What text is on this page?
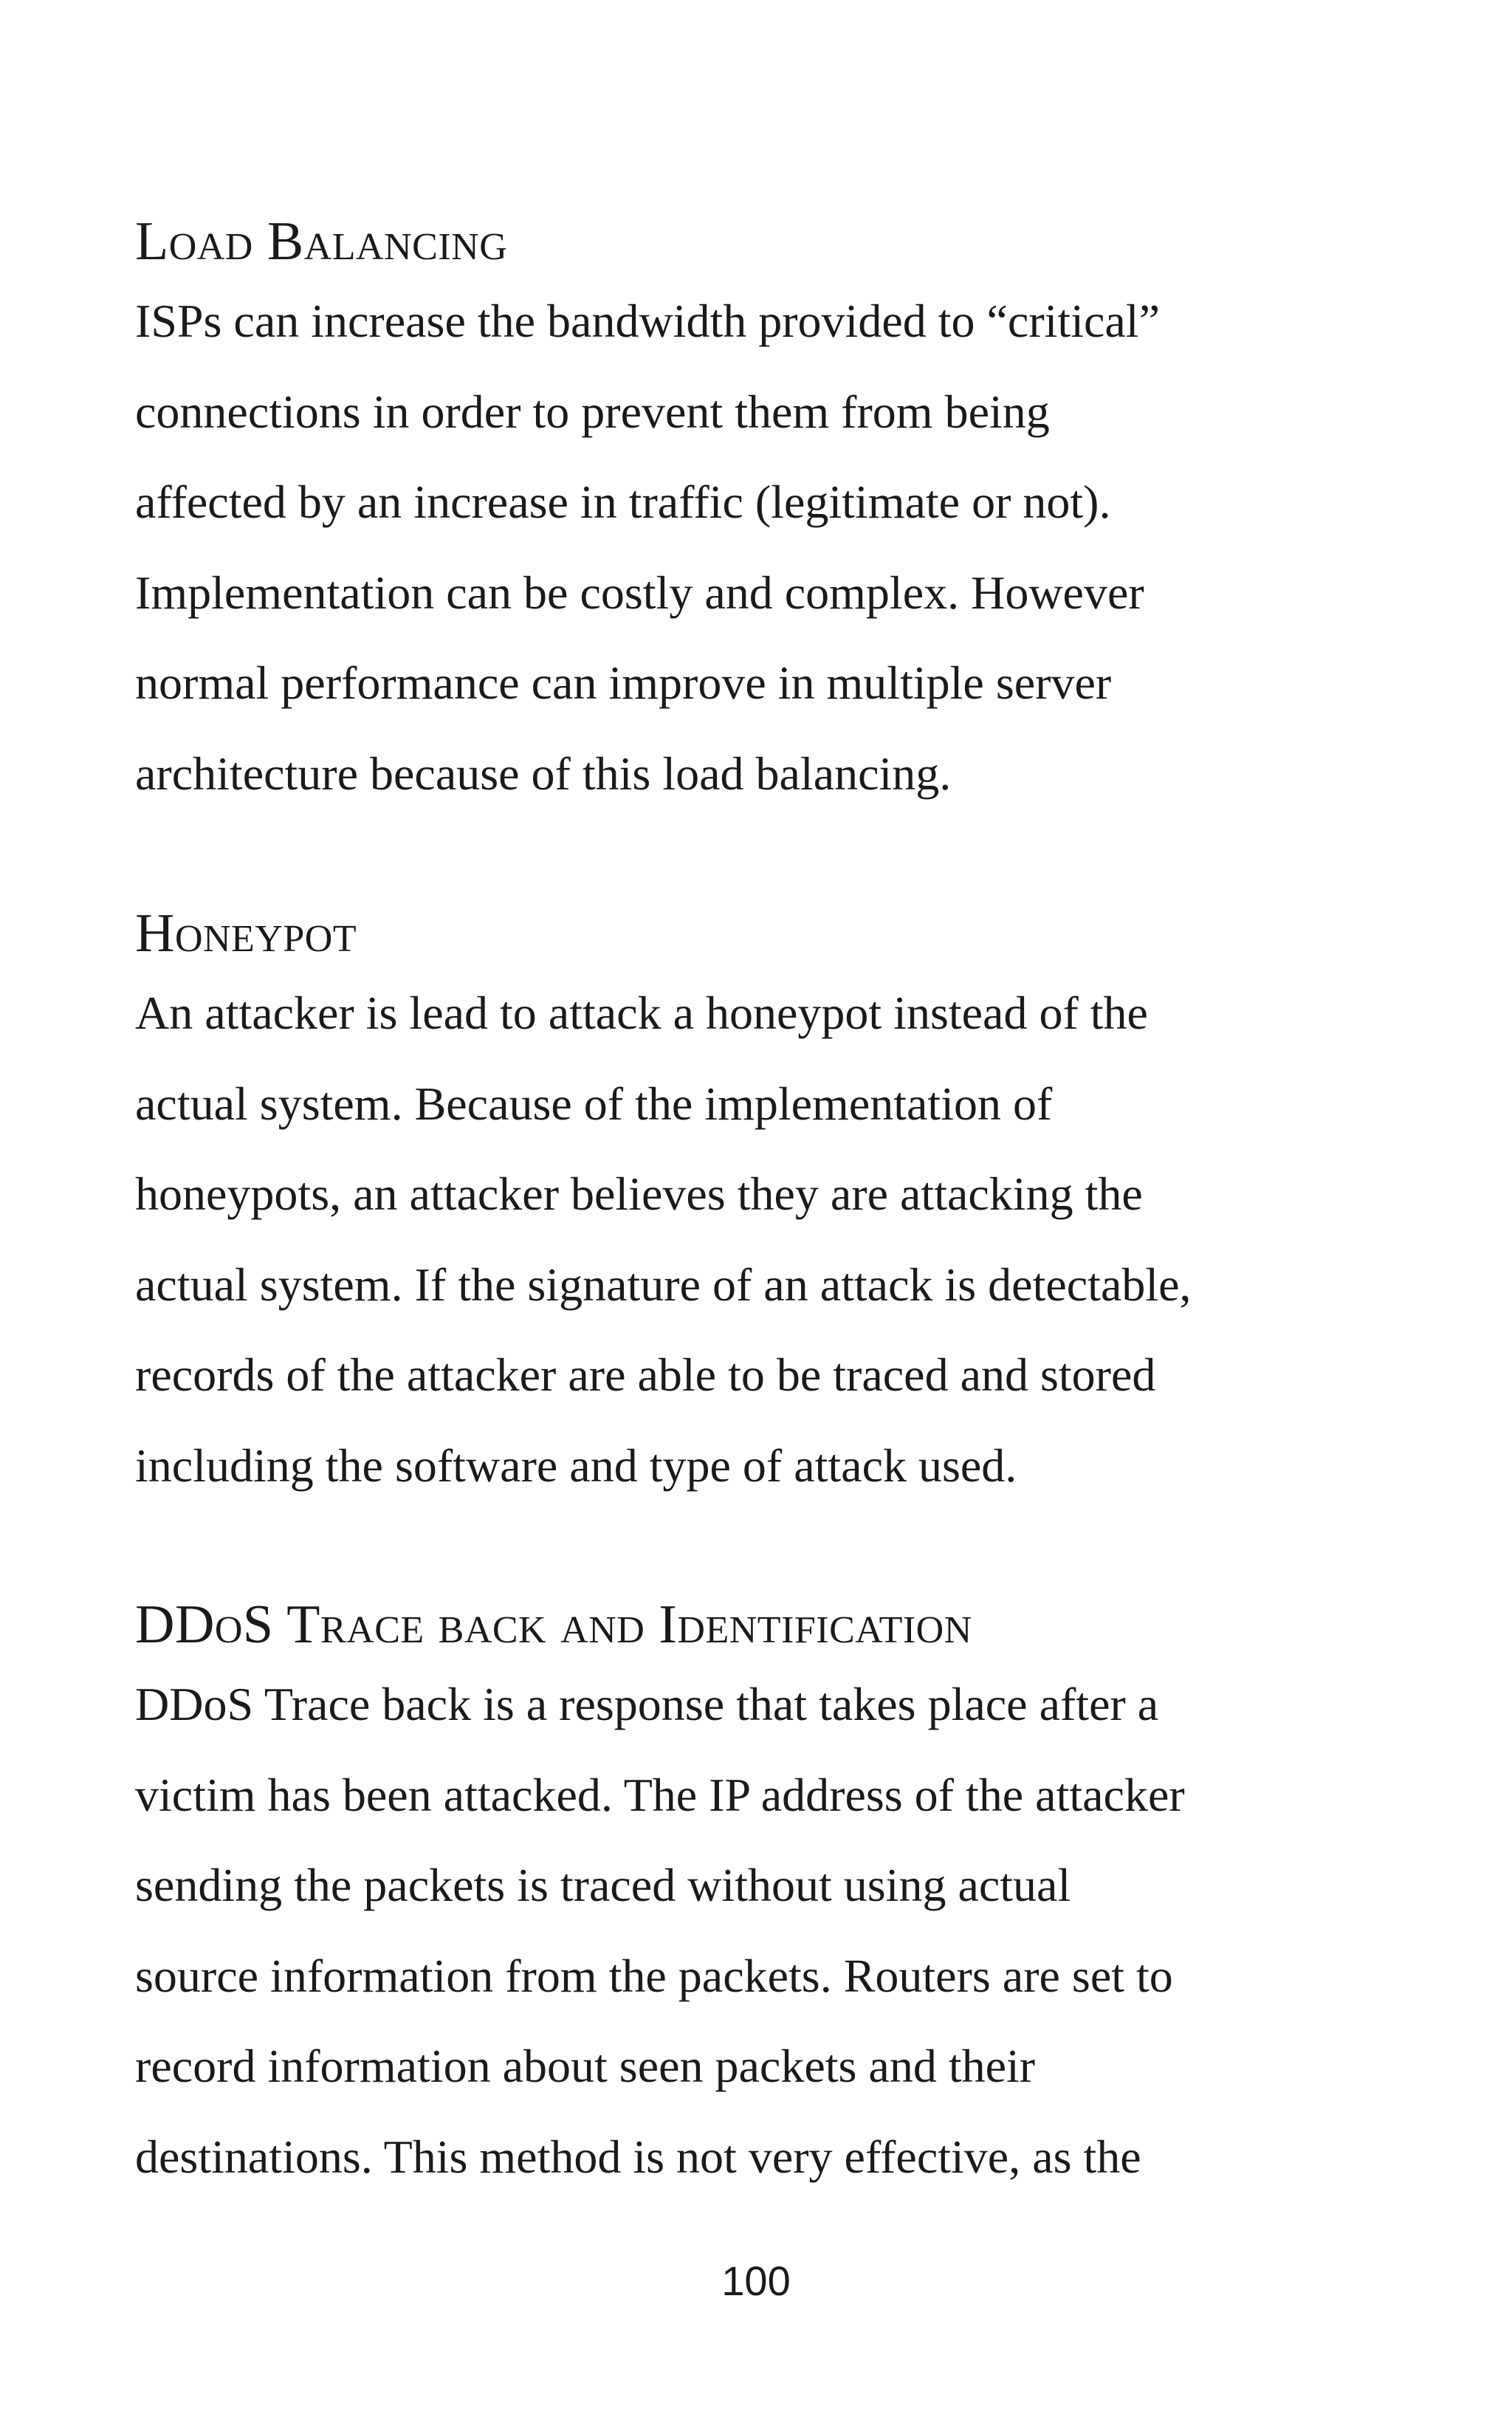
Load Balancing

ISPs can increase the bandwidth provided to “critical”

connections in order to prevent them from being

affected by an increase in traffic (legitimate or not).

Implementation can be costly and complex. However

normal performance can improve in multiple server

architecture because of this load balancing.

Honeypot

An attacker is lead to attack a honeypot instead of the

actual system. Because of the implementation of

honeypots, an attacker believes they are attacking the

actual system. If the signature of an attack is detectable,

records of the attacker are able to be traced and stored

including the software and type of attack used.

DDoS Trace back and Identification

DDoS Trace back is a response that takes place after a

victim has been attacked. The IP address of the attacker

sending the packets is traced without using actual

source information from the packets. Routers are set to

record information about seen packets and their

destinations. This method is not very effective, as the

100
